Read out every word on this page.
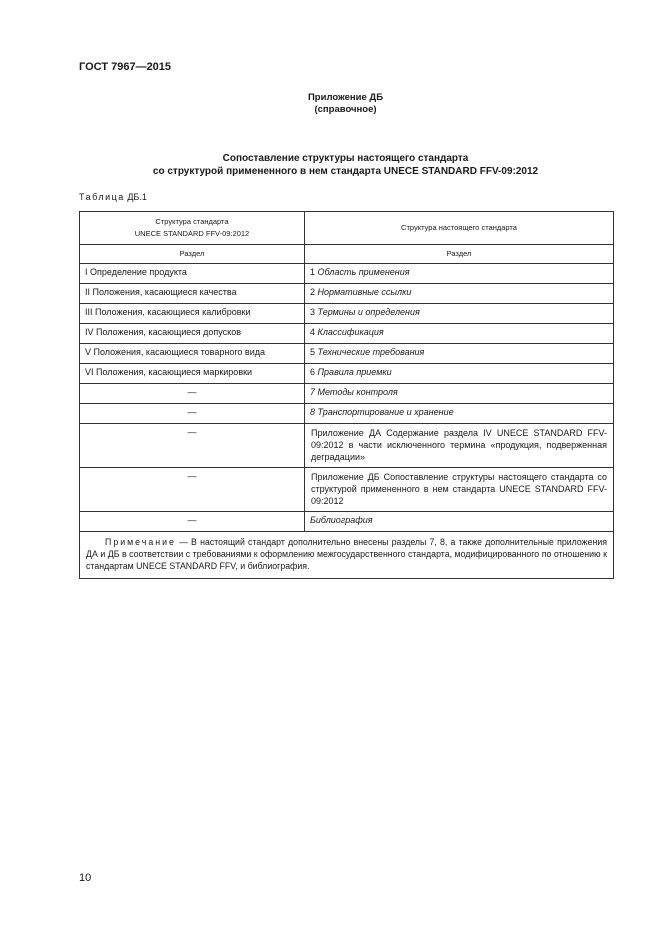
ГОСТ 7967—2015
Приложение ДБ
(справочное)
Сопоставление структуры настоящего стандарта
со структурой примененного в нем стандарта UNECE STANDARD FFV-09:2012
Таблица ДБ.1
Структура стандарта
UNECE STANDARD FFV-09:2012	Структура настоящего стандарта
Раздел	Раздел
I Определение продукта	1 Область применения
II Положения, касающиеся качества	2 Нормативные ссылки
III Положения, касающиеся калибровки	3 Термины и определения
IV Положения, касающиеся допусков	4 Классификация
V Положения, касающиеся товарного вида	5 Технические требования
VI Положения, касающиеся маркировки	6 Правила приемки
—	7 Методы контроля
—	8 Транспортирование и хранение
—	Приложение ДА Содержание раздела IV UNECE STANDARD FFV-09:2012 в части исключенного термина «продукция, подверженная деградации»
—	Приложение ДБ Сопоставление структуры настоящего стандарта со структурой примененного в нем стандарта UNECE STANDARD FFV-09:2012
—	Библиография
Примечание — В настоящий стандарт дополнительно внесены разделы 7, 8, а также дополнительные приложения ДА и ДБ в соответствии с требованиями к оформлению межгосударственного стандарта, модифицированного по отношению к стандартам UNECE STANDARD FFV, и библиография.	
10
